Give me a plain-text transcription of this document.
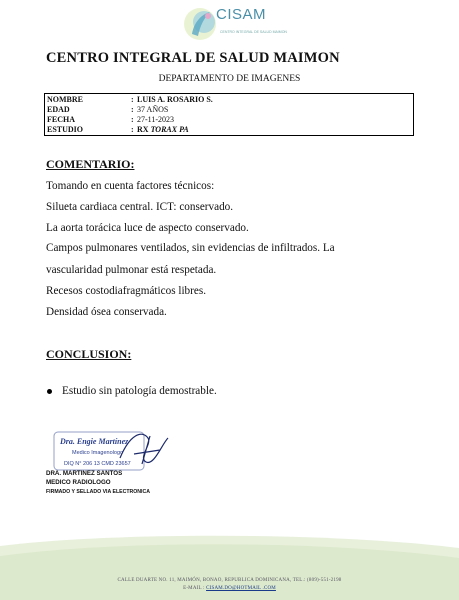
CISAM
CENTRO INTEGRAL DE SALUD MAIMON
CENTRO INTEGRAL DE SALUD MAIMON
DEPARTAMENTO DE IMAGENES
NOMBRE	: LUIS A. ROSARIO S.
EDAD	: 37 AÑOS
FECHA	: 27-11-2023
ESTUDIO	: RX TORAX PA
COMENTARIO:
Tomando en cuenta factores técnicos:
Silueta cardiaca central. ICT: conservado.
La aorta torácica luce de aspecto conservado.
Campos pulmonares ventilados, sin evidencias de infiltrados. La
vascularidad pulmonar está respetada.
Recesos costodiafragmáticos libres.
Densidad ósea conservada.
CONCLUSION:
Estudio sin patología demostrable.
Dra. Engie Martínez
Medico Imagenologo
DIQ N° 206 13 CMD 23657
DRA. MARTINEZ SANTOS
MEDICO RADIOLOGO
FIRMADO Y SELLADO VIA ELECTRONICA
CALLE DUARTE NO. 11, MAIMÓN, BONAO, REPUBLICA DOMINICANA, TEL.: (809)-551-2198
E-MAIL : CISAM.DO@HOTMAIL .COM
